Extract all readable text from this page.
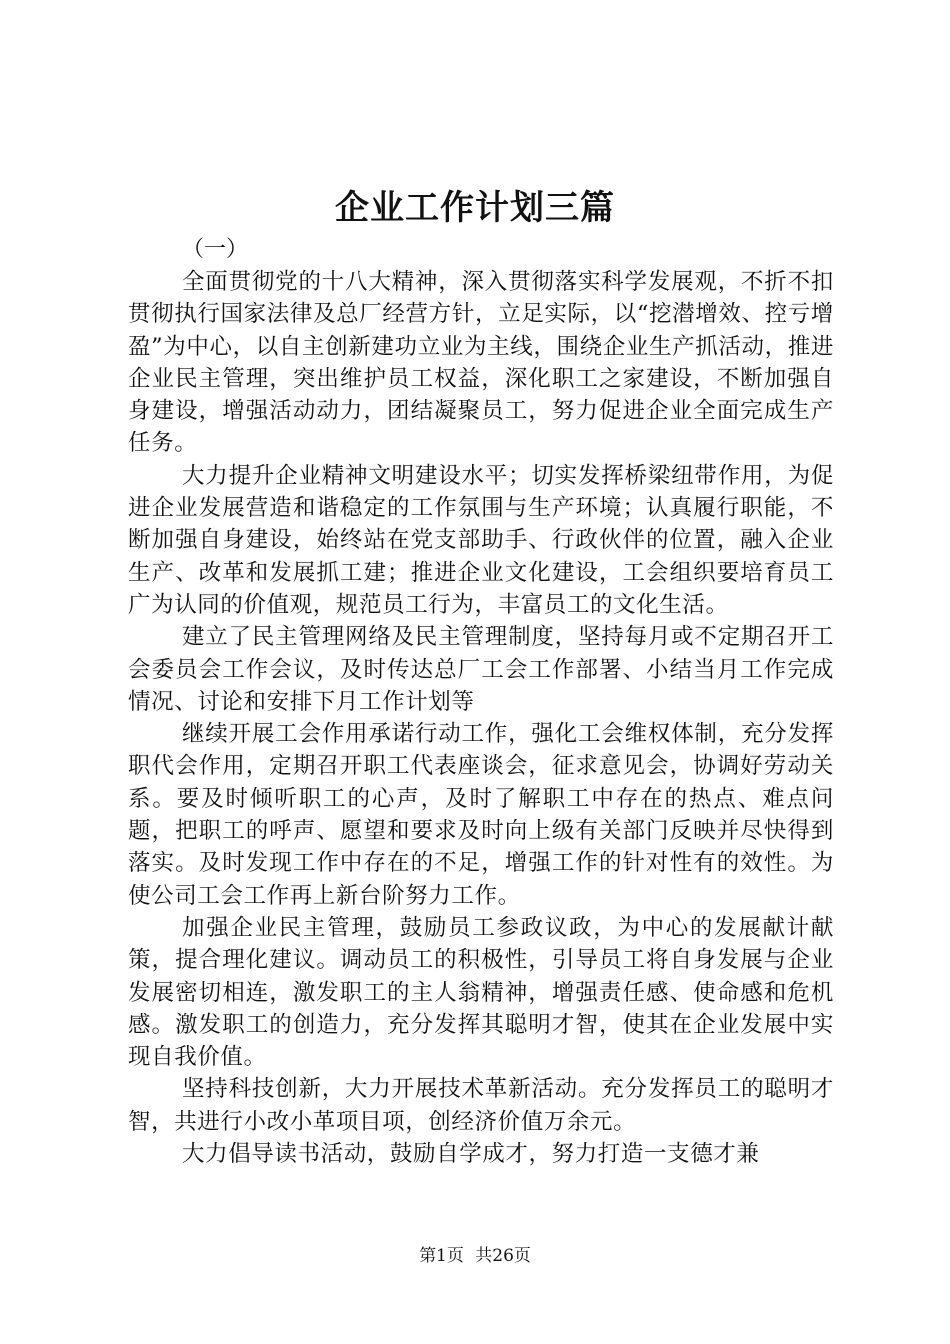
企业工作计划三篇

（一）

全面贯彻党的十八大精神，深入贯彻落实科学发展观，不折不扣贯彻执行国家法律及总厂经营方针，立足实际，以“挖潜增效、控亏增盈”为中心，以自主创新建功立业为主线，围绕企业生产抓活动，推进企业民主管理，突出维护员工权益，深化职工之家建设，不断加强自身建设，增强活动动力，团结凝聚员工，努力促进企业全面完成生产任务。

大力提升企业精神文明建设水平；切实发挥桥梁纽带作用，为促进企业发展营造和谐稳定的工作氛围与生产环境；认真履行职能，不断加强自身建设，始终站在党支部助手、行政伙伴的位置，融入企业生产、改革和发展抓工建；推进企业文化建设，工会组织要培育员工广为认同的价值观，规范员工行为，丰富员工的文化生活。

建立了民主管理网络及民主管理制度，坚持每月或不定期召开工会委员会工作会议，及时传达总厂工会工作部署、小结当月工作完成情况、讨论和安排下月工作计划等

继续开展工会作用承诺行动工作，强化工会维权体制，充分发挥职代会作用，定期召开职工代表座谈会，征求意见会，协调好劳动关系。要及时倾听职工的心声，及时了解职工中存在的热点、难点问题，把职工的呼声、愿望和要求及时向上级有关部门反映并尽快得到落实。及时发现工作中存在的不足，增强工作的针对性有的效性。为使公司工会工作再上新台阶努力工作。

加强企业民主管理，鼓励员工参政议政，为中心的发展献计献策，提合理化建议。调动员工的积极性，引导员工将自身发展与企业发展密切相连，激发职工的主人翁精神，增强责任感、使命感和危机感。激发职工的创造力，充分发挥其聪明才智，使其在企业发展中实现自我价值。

坚持科技创新，大力开展技术革新活动。充分发挥员工的聪明才智，共进行小改小革项目项，创经济价值万余元。

大力倡导读书活动，鼓励自学成才，努力打造一支德才兼

第1页 共26页
